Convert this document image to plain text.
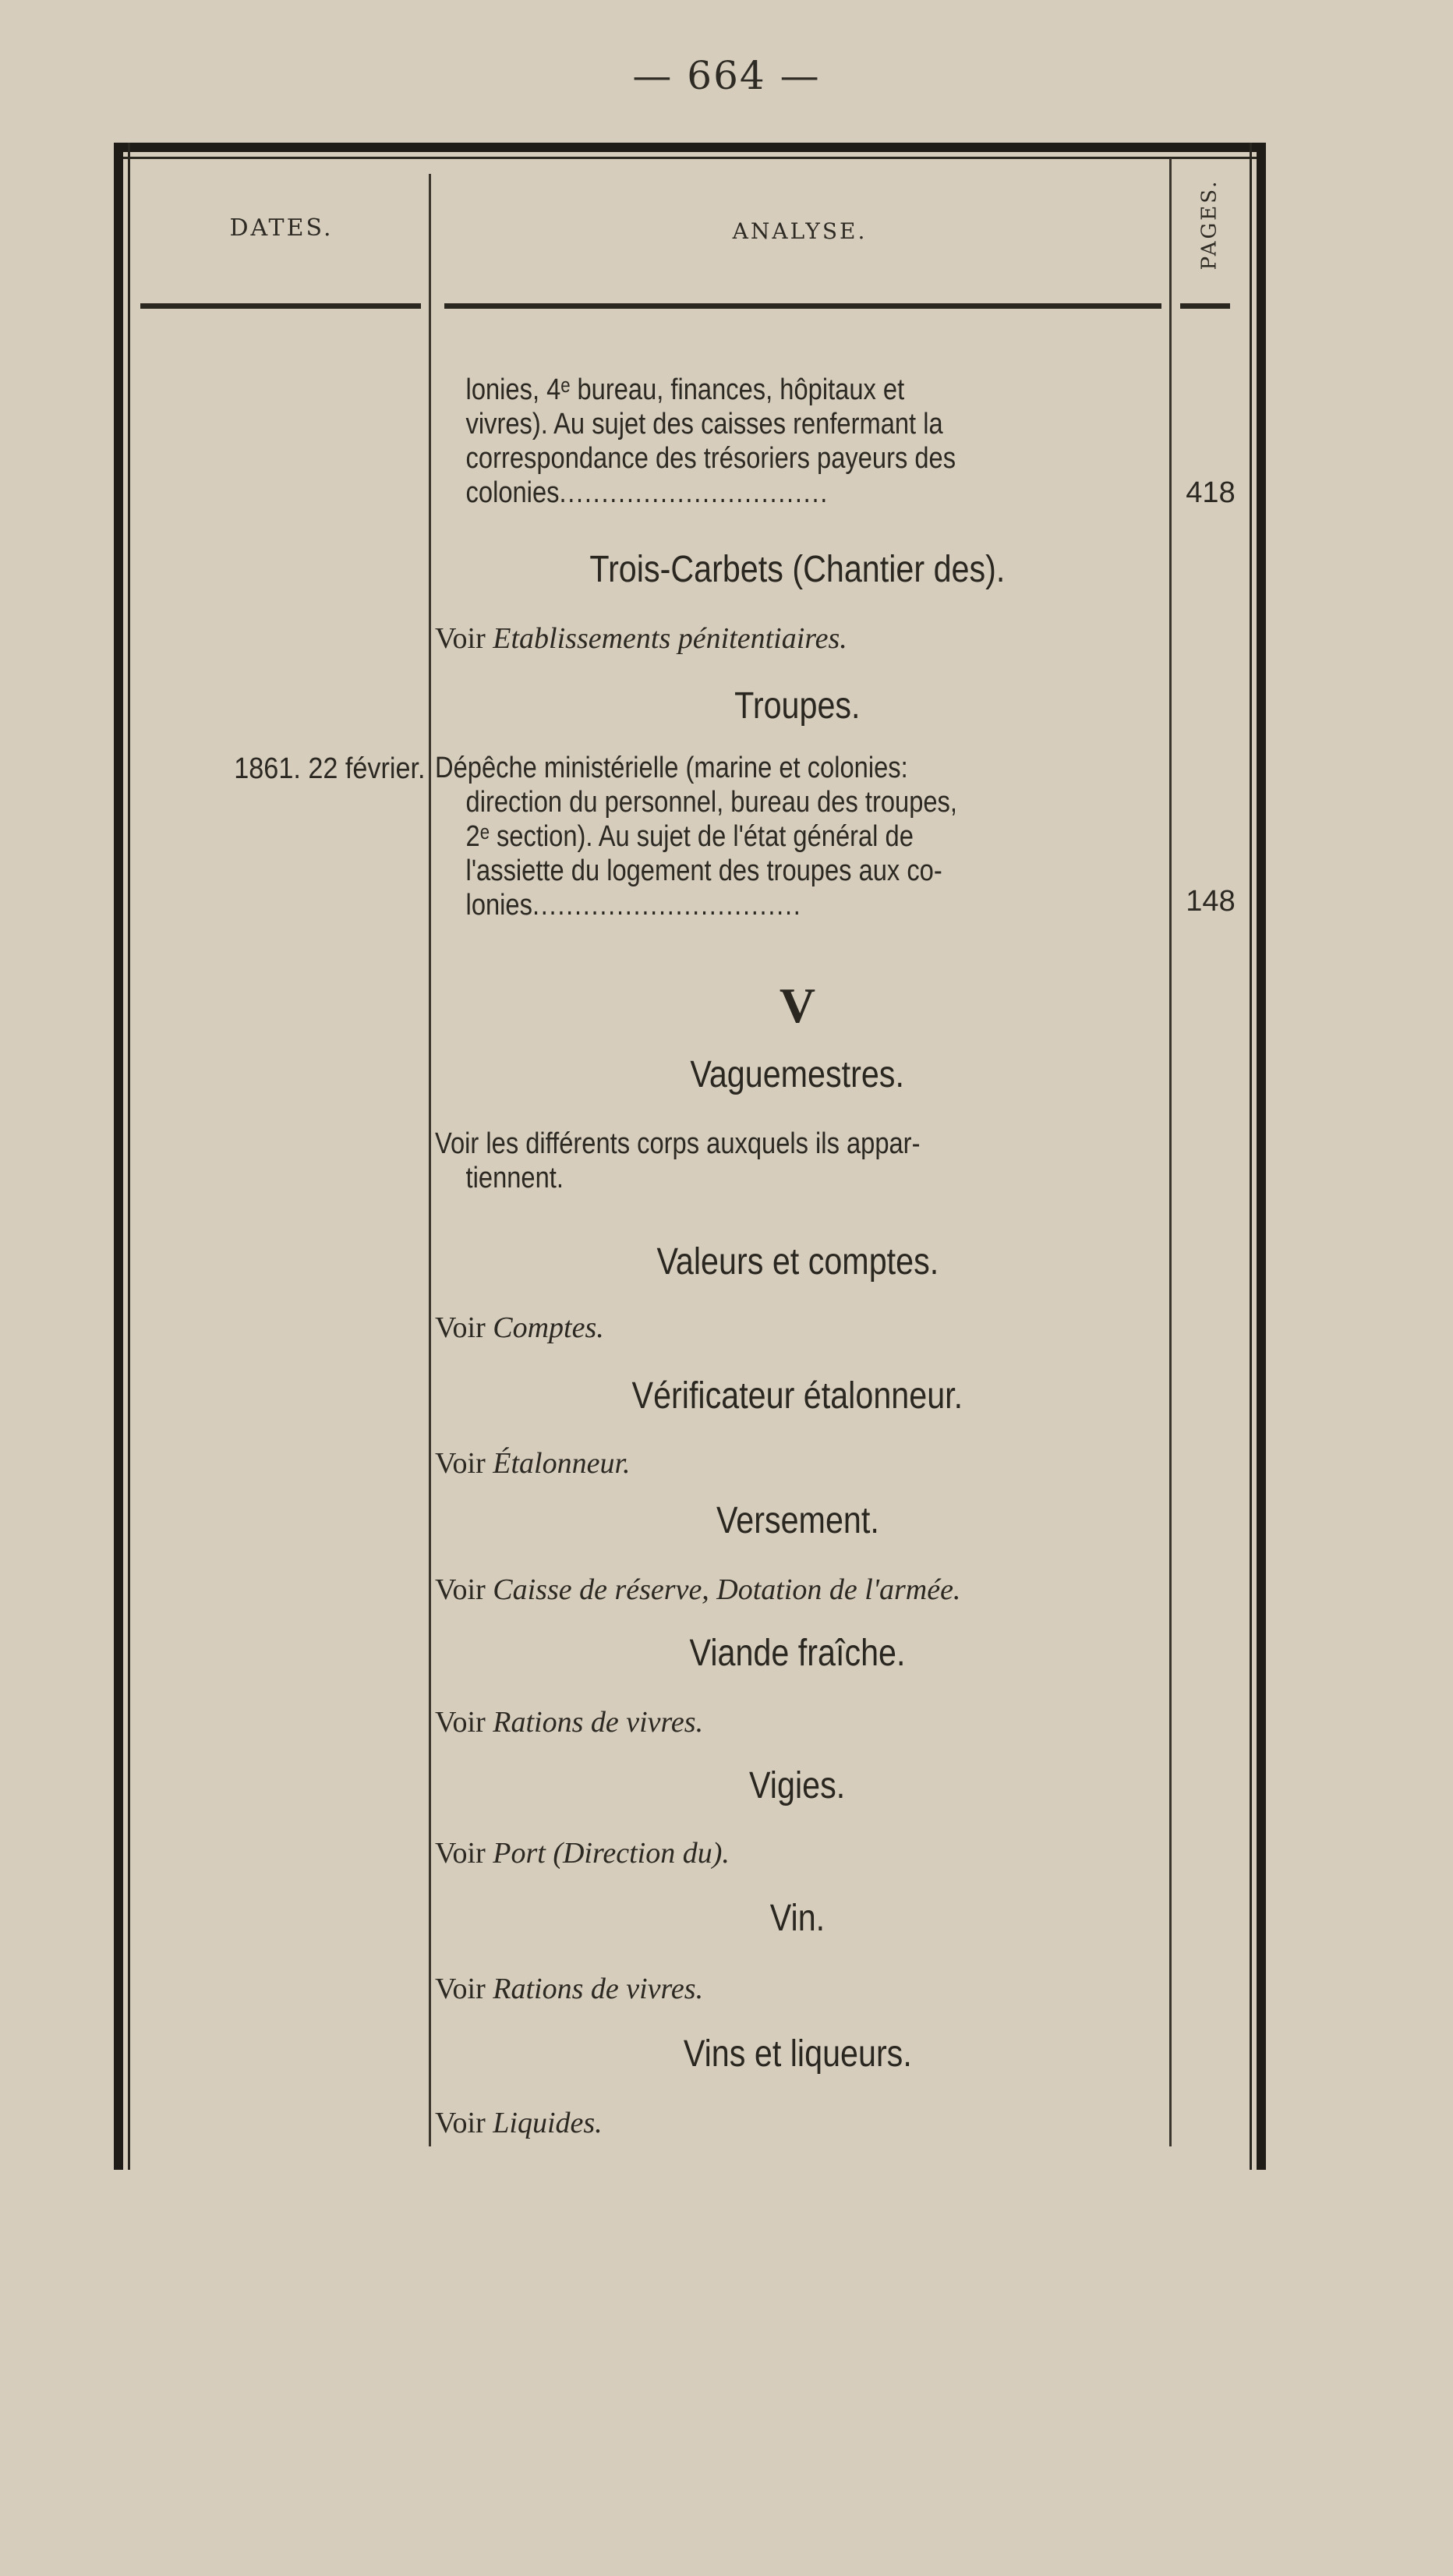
— 664 —
DATES.	ANALYSE.	PAGES.
lonies, 4ᵉ bureau, finances, hôpitaux et
vivres). Au sujet des caisses renfermant la
correspondance des trésoriers payeurs des
colonies................................	418
Trois-Carbets (Chantier des).
Voir Etablissements pénitentiaires.
Troupes.
1861. 22 février. Dépêche ministérielle (marine et colonies:
direction du personnel, bureau des troupes,
2ᵉ section). Au sujet de l'état général de
l'assiette du logement des troupes aux co-
lonies................................	148
V
Vaguemestres.
Voir les différents corps auxquels ils appar-
tiennent.
Valeurs et comptes.
Voir Comptes.
Vérificateur étalonneur.
Voir Étalonneur.
Versement.
Voir Caisse de réserve, Dotation de l'armée.
Viande fraîche.
Voir Rations de vivres.
Vigies.
Voir Port (Direction du).
Vin.
Voir Rations de vivres.
Vins et liqueurs.
Voir Liquides.
